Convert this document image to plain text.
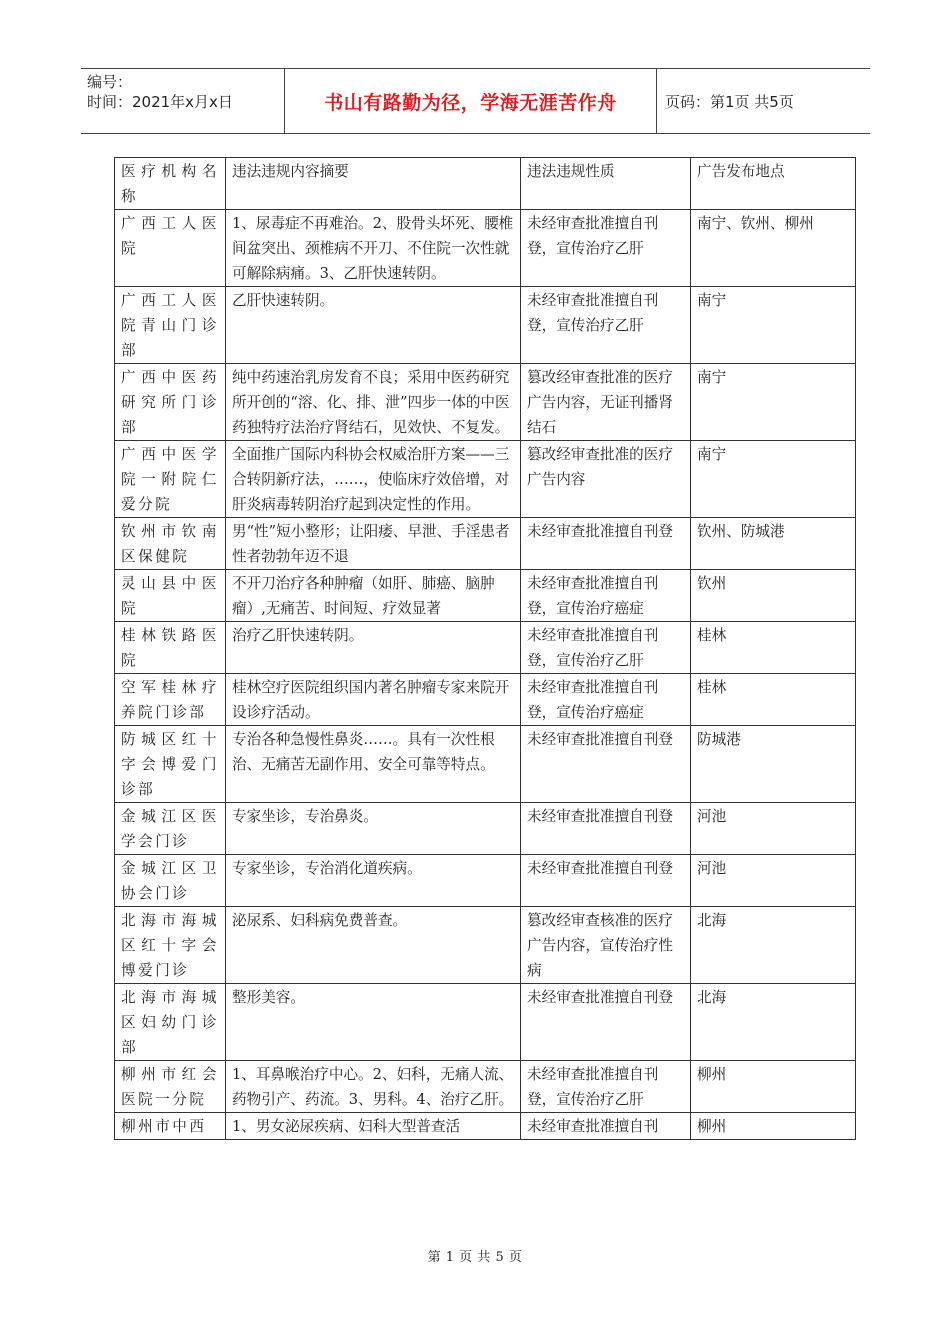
编号：
时间：2021年x月x日	书山有路勤为径，学海无涯苦作舟	页码：第1页 共5页
医疗机构名称	违法违规内容摘要	违法违规性质	广告发布地点
广西工人医院	1、尿毒症不再难治。2、股骨头坏死、腰椎间盆突出、颈椎病不开刀、不住院一次性就可解除病痛。3、乙肝快速转阴。	未经审查批准擅自刊登，宣传治疗乙肝	南宁、钦州、柳州
广西工人医院青山门诊部	乙肝快速转阴。	未经审查批准擅自刊登，宣传治疗乙肝	南宁
广西中医药研究所门诊部	纯中药速治乳房发育不良；采用中医药研究所开创的“溶、化、排、泄”四步一体的中医药独特疗法治疗肾结石，见效快、不复发。	篡改经审查批准的医疗广告内容，无证刊播肾结石	南宁
广西中医学院一附院仁爱分院	全面推广国际内科协会权威治肝方案——三合转阴新疗法，……，使临床疗效倍增，对肝炎病毒转阴治疗起到决定性的作用。	篡改经审查批准的医疗广告内容	南宁
钦州市钦南区保健院	男“性”短小整形；让阳痿、早泄、手淫患者性者勃勃年迈不退	未经审查批准擅自刊登	钦州、防城港
灵山县中医院	不开刀治疗各种肿瘤（如肝、肺癌、脑肿瘤）,无痛苦、时间短、疗效显著	未经审查批准擅自刊登，宣传治疗癌症	钦州
桂林铁路医院	治疗乙肝快速转阴。	未经审查批准擅自刊登，宣传治疗乙肝	桂林
空军桂林疗养院门诊部	桂林空疗医院组织国内著名肿瘤专家来院开设诊疗活动。	未经审查批准擅自刊登，宣传治疗癌症	桂林
防城区红十字会博爱门诊部	专治各种急慢性鼻炎……。具有一次性根治、无痛苦无副作用、安全可靠等特点。	未经审查批准擅自刊登	防城港
金城江区医学会门诊	专家坐诊，专治鼻炎。	未经审查批准擅自刊登	河池
金城江区卫协会门诊	专家坐诊，专治消化道疾病。	未经审查批准擅自刊登	河池
北海市海城区红十字会博爱门诊	泌尿系、妇科病免费普查。	篡改经审查核准的医疗广告内容，宣传治疗性病	北海
北海市海城区妇幼门诊部	整形美容。	未经审查批准擅自刊登	北海
柳州市红会医院一分院	1、耳鼻喉治疗中心。2、妇科，无痛人流、药物引产、药流。3、男科。4、治疗乙肝。	未经审查批准擅自刊登，宣传治疗乙肝	柳州
柳州市中西	1、男女泌尿疾病、妇科大型普查活	未经审查批准擅自刊	柳州
第 1 页 共 5 页
